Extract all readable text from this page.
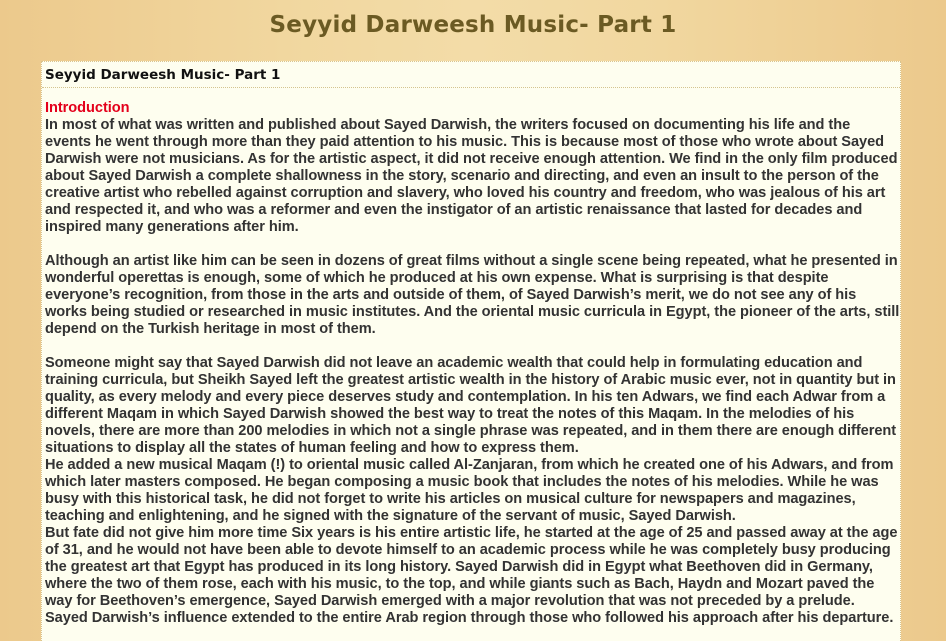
Seyyid Darweesh Music- Part 1
Seyyid Darweesh Music- Part 1

Introduction

In most of what was written and published about Sayed Darwish, the writers focused on documenting his life and the events he went through more than they paid attention to his music. This is because most of those who wrote about Sayed Darwish were not musicians. As for the artistic aspect, it did not receive enough attention. We find in the only film produced about Sayed Darwish a complete shallowness in the story, scenario and directing, and even an insult to the person of the creative artist who rebelled against corruption and slavery, who loved his country and freedom, who was jealous of his art and respected it, and who was a reformer and even the instigator of an artistic renaissance that lasted for decades and inspired many generations after him.

Although an artist like him can be seen in dozens of great films without a single scene being repeated, what he presented in wonderful operettas is enough, some of which he produced at his own expense. What is surprising is that despite everyone’s recognition, from those in the arts and outside of them, of Sayed Darwish’s merit, we do not see any of his works being studied or researched in music institutes. And the oriental music curricula in Egypt, the pioneer of the arts, still depend on the Turkish heritage in most of them.

Someone might say that Sayed Darwish did not leave an academic wealth that could help in formulating education and training curricula, but Sheikh Sayed left the greatest artistic wealth in the history of Arabic music ever, not in quantity but in quality, as every melody and every piece deserves study and contemplation. In his ten Adwars, we find each Adwar from a different Maqam in which Sayed Darwish showed the best way to treat the notes of this Maqam. In the melodies of his novels, there are more than 200 melodies in which not a single phrase was repeated, and in them there are enough different situations to display all the states of human feeling and how to express them.

He added a new musical Maqam (!) to oriental music called Al-Zanjaran, from which he created one of his Adwars, and from which later masters composed. He began composing a music book that includes the notes of his melodies. While he was busy with this historical task, he did not forget to write his articles on musical culture for newspapers and magazines, teaching and enlightening, and he signed with the signature of the servant of music, Sayed Darwish.

But fate did not give him more time Six years is his entire artistic life, he started at the age of 25 and passed away at the age of 31, and he would not have been able to devote himself to an academic process while he was completely busy producing the greatest art that Egypt has produced in its long history. Sayed Darwish did in Egypt what Beethoven did in Germany, where the two of them rose, each with his music, to the top, and while giants such as Bach, Haydn and Mozart paved the way for Beethoven’s emergence, Sayed Darwish emerged with a major revolution that was not preceded by a prelude. Sayed Darwish’s influence extended to the entire Arab region through those who followed his approach after his departure.
